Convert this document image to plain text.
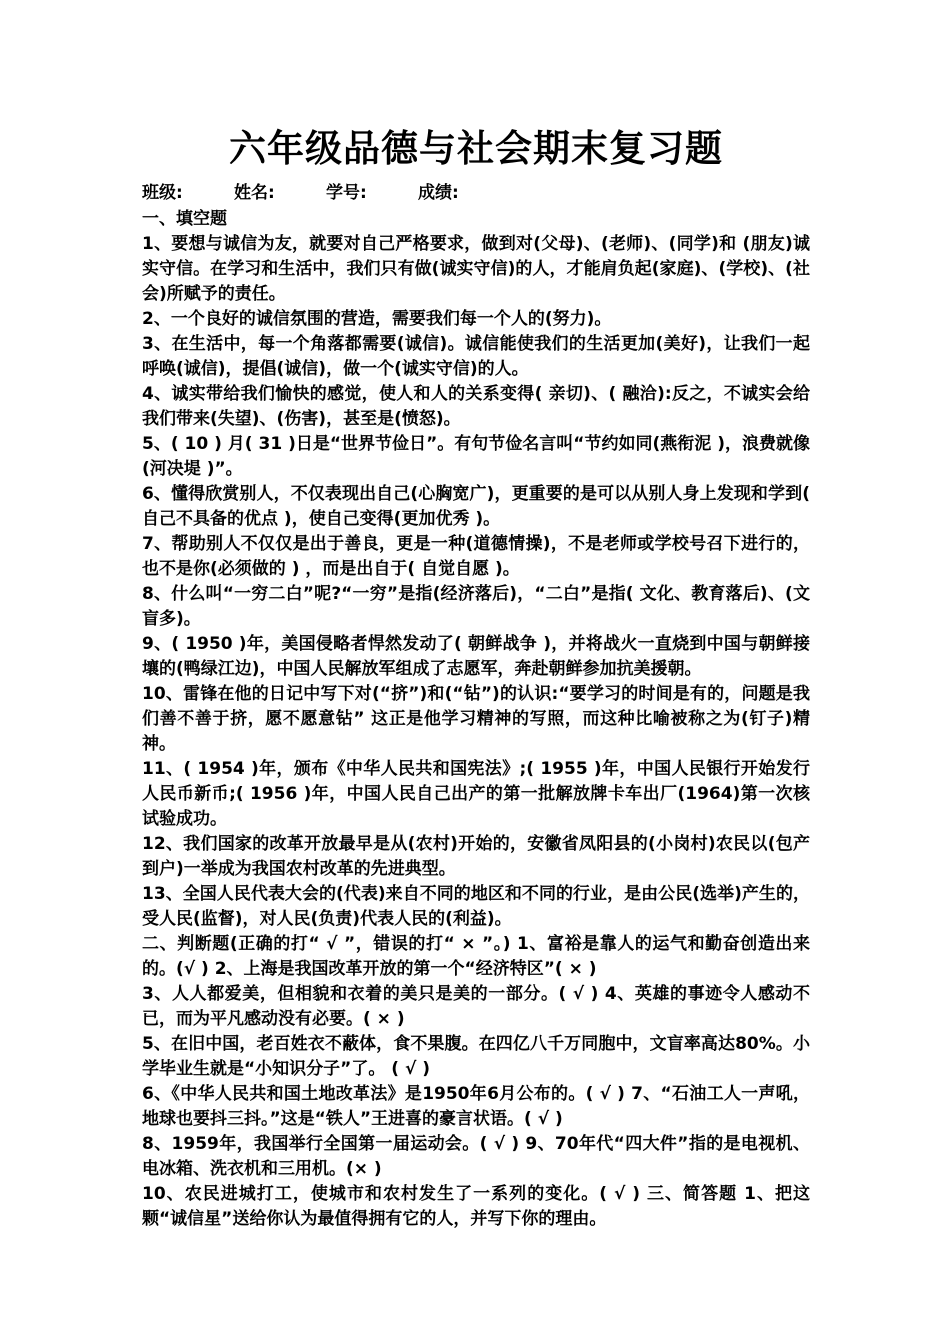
六年级品德与社会期末复习题
班级:	姓名:	学号:	成绩:
一、填空题

1、要想与诚信为友，就要对自己严格要求，做到对(父母)、(老师)、(同学)和 (朋友)诚实守信。在学习和生活中，我们只有做(诚实守信)的人，才能肩负起(家庭)、(学校)、(社会)所赋予的责任。

2、一个良好的诚信氛围的营造，需要我们每一个人的(努力)。

3、在生活中，每一个角落都需要(诚信)。诚信能使我们的生活更加(美好)，让我们一起呼唤(诚信)，提倡(诚信)，做一个(诚实守信)的人。

4、诚实带给我们愉快的感觉，使人和人的关系变得( 亲切)、( 融洽):反之，不诚实会给我们带来(失望)、(伤害)，甚至是(愤怒)。

5、( 10 ) 月( 31 )日是“世界节俭日”。有句节俭名言叫“节约如同(燕衔泥 )，浪费就像(河决堤 )”。

6、懂得欣赏别人，不仅表现出自己(心胸宽广)，更重要的是可以从别人身上发现和学到( 自己不具备的优点 )，使自己变得(更加优秀 )。

7、帮助别人不仅仅是出于善良，更是一种(道德情操)，不是老师或学校号召下进行的，也不是你(必须做的 ) ，而是出自于( 自觉自愿 )。

8、什么叫“一穷二白”呢?“一穷”是指(经济落后)，“二白”是指( 文化、教育落后)、(文盲多)。

9、( 1950 )年，美国侵略者悍然发动了( 朝鲜战争 )，并将战火一直烧到中国与朝鲜接壤的(鸭绿江边)，中国人民解放军组成了志愿军，奔赴朝鲜参加抗美援朝。

10、雷锋在他的日记中写下对(“挤”)和(“钻”)的认识:“要学习的时间是有的，问题是我们善不善于挤，愿不愿意钻” 这正是他学习精神的写照，而这种比喻被称之为(钉子)精神。

11、( 1954 )年，颁布《中华人民共和国宪法》;( 1955 )年，中国人民银行开始发行人民币新币;( 1956 )年，中国人民自己出产的第一批解放牌卡车出厂(1964)第一次核试验成功。

12、我们国家的改革开放最早是从(农村)开始的，安徽省凤阳县的(小岗村)农民以(包产到户)一举成为我国农村改革的先进典型。

13、全国人民代表大会的(代表)来自不同的地区和不同的行业，是由公民(选举)产生的，受人民(监督)，对人民(负责)代表人民的(利益)。

二、判断题(正确的打“ √ ”，错误的打“ × ”。) 1、富裕是靠人的运气和勤奋创造出来的。(√ ) 2、上海是我国改革开放的第一个“经济特区”( × )

3、人人都爱美，但相貌和衣着的美只是美的一部分。( √ ) 4、英雄的事迹令人感动不已，而为平凡感动没有必要。( × )

5、在旧中国，老百姓衣不蔽体，食不果腹。在四亿八千万同胞中，文盲率高达80%。小学毕业生就是“小知识分子”了。 ( √ )

6、《中华人民共和国土地改革法》是1950年6月公布的。( √ ) 7、“石油工人一声吼，地球也要抖三抖。”这是“铁人”王进喜的豪言状语。( √ )

8、1959年，我国举行全国第一届运动会。( √ ) 9、70年代“四大件”指的是电视机、电冰箱、洗衣机和三用机。(× )

10、农民进城打工，使城市和农村发生了一系列的变化。( √ ) 三、简答题 1、把这颗“诚信星”送给你认为最值得拥有它的人，并写下你的理由。
